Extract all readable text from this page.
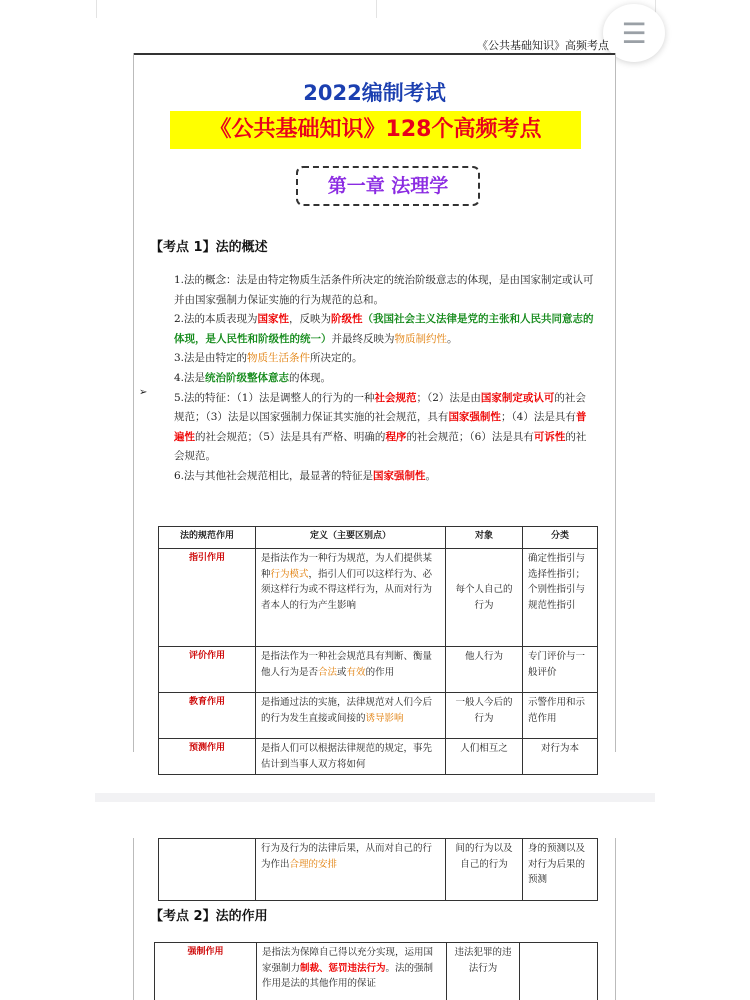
☰
《公共基础知识》高频考点
2022编制考试
《公共基础知识》128个高频考点
第一章 法理学
【考点 1】法的概述

1.法的概念：法是由特定物质生活条件所决定的统治阶级意志的体现，是由国家制定或认可并由国家强制力保证实施的行为规范的总和。

2.法的本质表现为国家性，反映为阶级性（我国社会主义法律是党的主张和人民共同意志的体现，是人民性和阶级性的统一）并最终反映为物质制约性。

3.法是由特定的物质生活条件所决定的。

4.法是统治阶级整体意志的体现。

5.法的特征：（1）法是调整人的行为的一种社会规范；（2）法是由国家制定或认可的社会规范；（3）法是以国家强制力保证其实施的社会规范，具有国家强制性；（4）法是具有普遍性的社会规范；（5）法是具有严格、明确的程序的社会规范；（6）法是具有可诉性的社会规范。

6.法与其他社会规范相比，最显著的特征是国家强制性。

➢
法的规范作用	定义（主要区别点）	对象	分类
指引作用	是指法作为一种行为规范，为人们提供某种行为模式，指引人们可以这样行为、必须这样行为或不得这样行为，从而对行为者本人的行为产生影响	每个人自己的行为	确定性指引与选择性指引；个别性指引与规范性指引
评价作用	是指法作为一种社会规范具有判断、衡量他人行为是否合法或有效的作用	他人行为	专门评价与一般评价
教育作用	是指通过法的实施，法律规范对人们今后的行为发生直接或间接的诱导影响	一般人今后的行为	示警作用和示范作用
预测作用	是指人们可以根据法律规范的规定，事先估计到当事人双方将如何	人们相互之	对行为本
	行为及行为的法律后果，从而对自己的行为作出合理的安排	间的行为以及自己的行为	身的预测以及对行为后果的预测
【考点 2】法的作用
强制作用	是指法为保障自己得以充分实现，运用国家强制力制裁、惩罚违法行为。法的强制作用是法的其他作用的保证	违法犯罪的违法行为	
